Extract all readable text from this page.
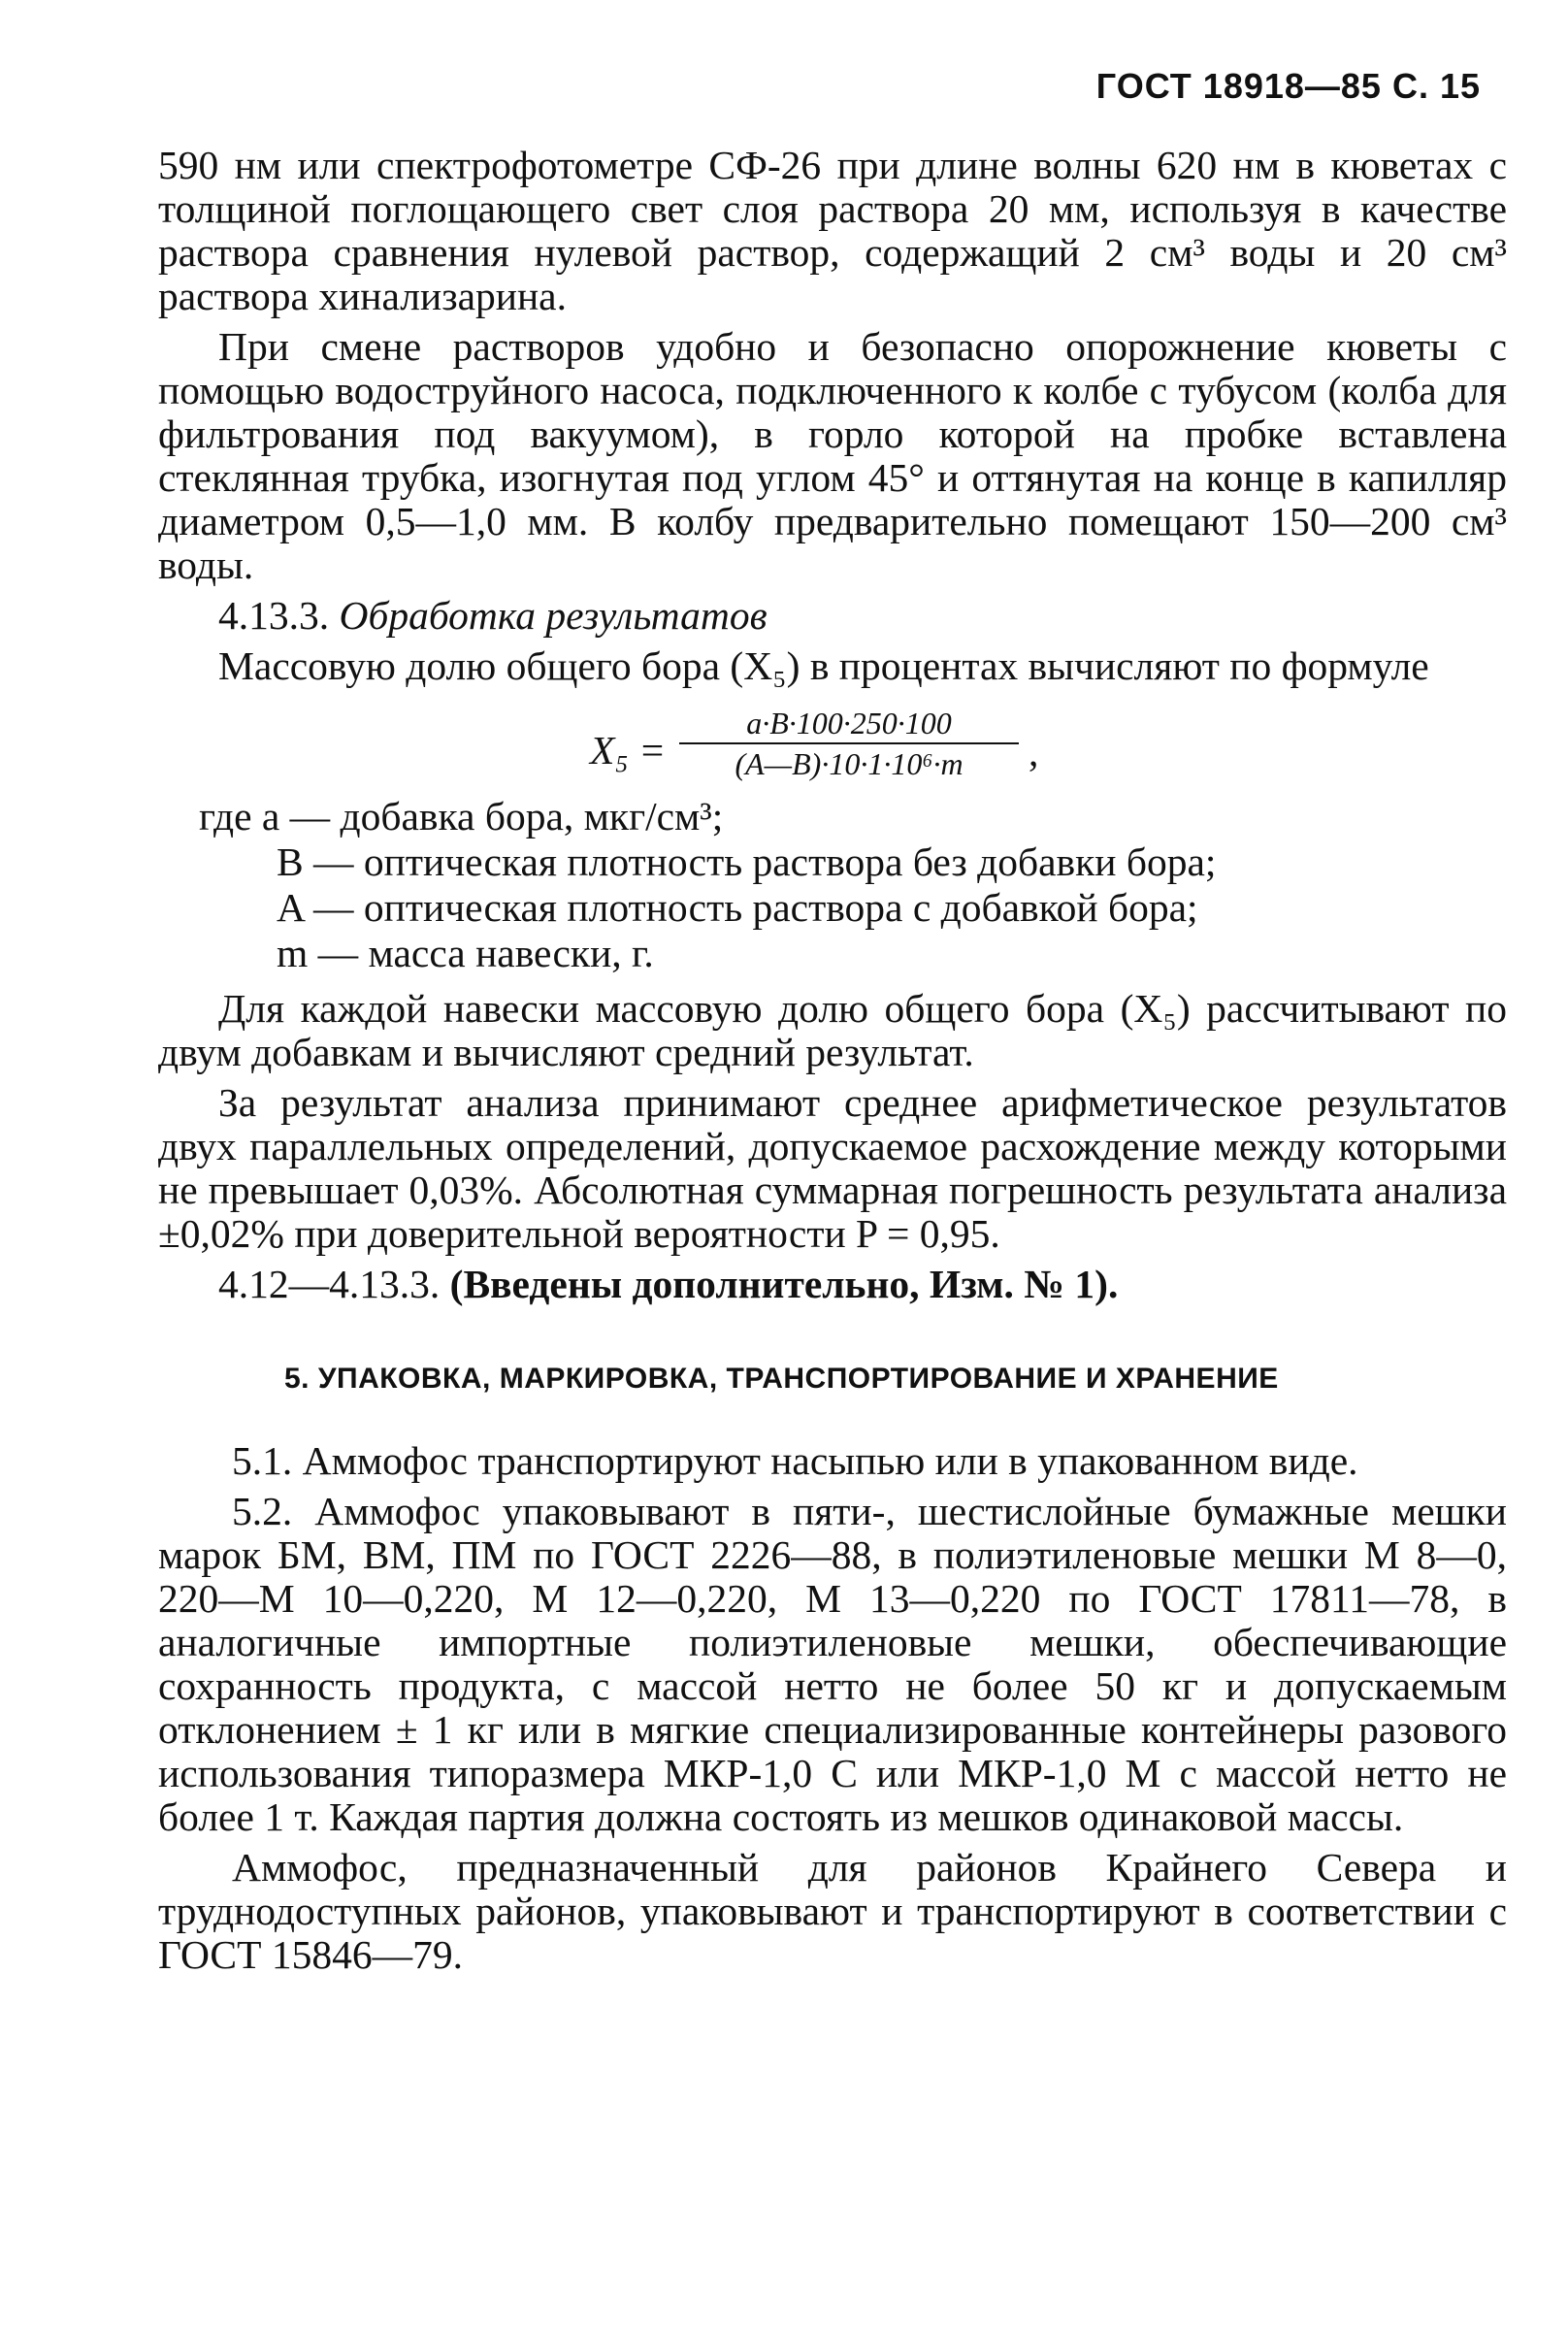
ГОСТ 18918—85 С. 15

590 нм или спектрофотометре СФ-26 при длине волны 620 нм в кюветах с толщиной поглощающего свет слоя раствора 20 мм, используя в качестве раствора сравнения нулевой раствор, содержащий 2 см³ воды и 20 см³ раствора хинализарина.

При смене растворов удобно и безопасно опорожнение кюветы с помощью водоструйного насоса, подключенного к колбе с тубусом (колба для фильтрования под вакуумом), в горло которой на пробке вставлена стеклянная трубка, изогнутая под углом 45° и оттянутая на конце в капилляр диаметром 0,5—1,0 мм. В колбу предварительно помещают 150—200 см³ воды.

4.13.3. Обработка результатов

Массовую долю общего бора (X₅) в процентах вычисляют по формуле

$X_5 = \frac{a\cdot B\cdot 100\cdot 250\cdot 100}{\text{(A—B)·10·1·10⁶·m}}$ ,
где a — добавка бора, мкг/см³;
B — оптическая плотность раствора без добавки бора;
A — оптическая плотность раствора с добавкой бора;
m — масса навески, г.

Для каждой навески массовую долю общего бора (X₅) рассчитывают по двум добавкам и вычисляют средний результат.

За результат анализа принимают среднее арифметическое результатов двух параллельных определений, допускаемое расхождение между которыми не превышает 0,03%. Абсолютная суммарная погрешность результата анализа ±0,02% при доверительной вероятности P = 0,95.

4.12—4.13.3. (Введены дополнительно, Изм. № 1).

5. УПАКОВКА, МАРКИРОВКА, ТРАНСПОРТИРОВАНИЕ И ХРАНЕНИЕ

5.1. Аммофос транспортируют насыпью или в упакованном виде.

5.2. Аммофос упаковывают в пяти-, шестислойные бумажные мешки марок БМ, ВМ, ПМ по ГОСТ 2226—88, в полиэтиленовые мешки М 8—0, 220—М 10—0,220, М 12—0,220, М 13—0,220 по ГОСТ 17811—78, в аналогичные импортные полиэтиленовые мешки, обеспечивающие сохранность продукта, с массой нетто не более 50 кг и допускаемым отклонением ± 1 кг или в мягкие специализированные контейнеры разового использования типоразмера МКР-1,0 С или МКР-1,0 М с массой нетто не более 1 т. Каждая партия должна состоять из мешков одинаковой массы.

Аммофос, предназначенный для районов Крайнего Севера и труднодоступных районов, упаковывают и транспортируют в соответствии с ГОСТ 15846—79.
